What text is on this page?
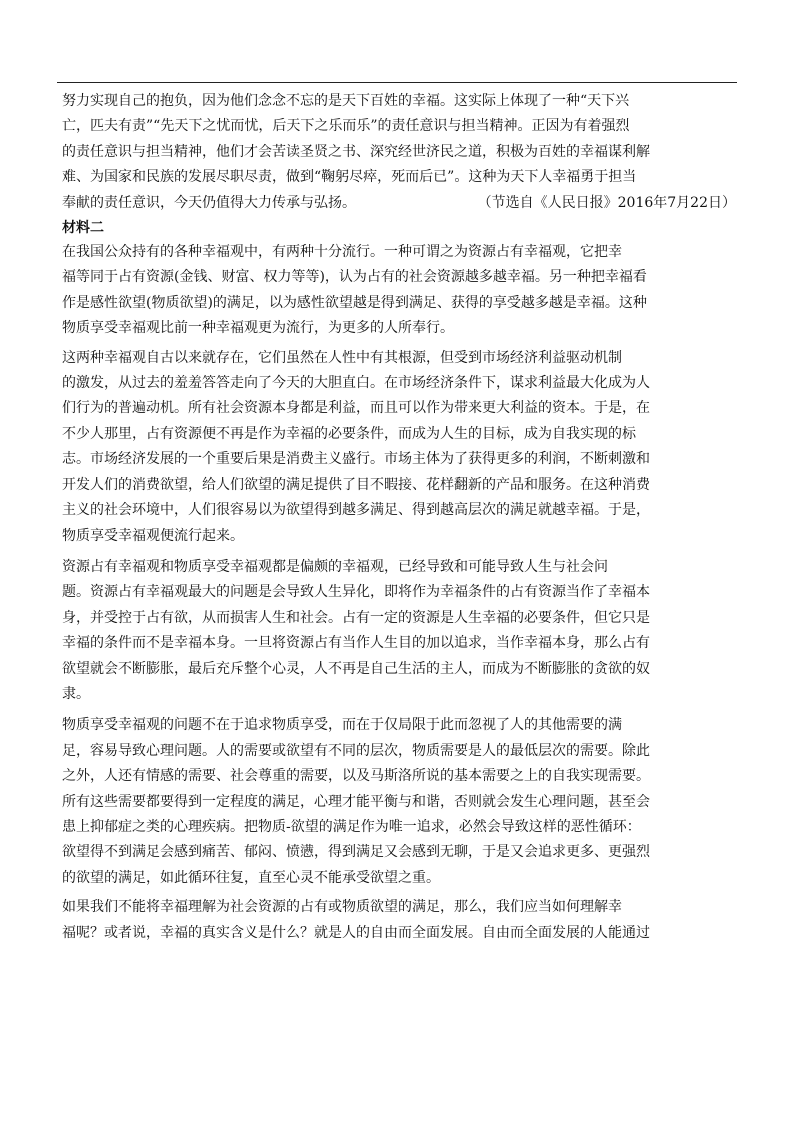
努力实现自己的抱负，因为他们念念不忘的是天下百姓的幸福。这实际上体现了一种“天下兴
亡，匹夫有责”“先天下之忧而忧，后天下之乐而乐”的责任意识与担当精神。正因为有着强烈
的责任意识与担当精神，他们才会苦读圣贤之书、深究经世济民之道，积极为百姓的幸福谋利解
难、为国家和民族的发展尽职尽责，做到“鞠躬尽瘁，死而后已”。这种为天下人幸福勇于担当
奉献的责任意识，今天仍值得大力传承与弘扬。	（节选自《人民日报》2016年7月22日）

材料二

在我国公众持有的各种幸福观中，有两种十分流行。一种可谓之为资源占有幸福观，它把幸
福等同于占有资源(金钱、财富、权力等等)，认为占有的社会资源越多越幸福。另一种把幸福看
作是感性欲望(物质欲望)的满足，以为感性欲望越是得到满足、获得的享受越多越是幸福。这种
物质享受幸福观比前一种幸福观更为流行，为更多的人所奉行。

这两种幸福观自古以来就存在，它们虽然在人性中有其根源，但受到市场经济利益驱动机制
的激发，从过去的羞羞答答走向了今天的大胆直白。在市场经济条件下，谋求利益最大化成为人
们行为的普遍动机。所有社会资源本身都是利益，而且可以作为带来更大利益的资本。于是，在
不少人那里，占有资源便不再是作为幸福的必要条件，而成为人生的目标，成为自我实现的标
志。市场经济发展的一个重要后果是消费主义盛行。市场主体为了获得更多的利润，不断刺激和
开发人们的消费欲望，给人们欲望的满足提供了目不暇接、花样翻新的产品和服务。在这种消费
主义的社会环境中，人们很容易以为欲望得到越多满足、得到越高层次的满足就越幸福。于是，
物质享受幸福观便流行起来。

资源占有幸福观和物质享受幸福观都是偏颇的幸福观，已经导致和可能导致人生与社会问
题。资源占有幸福观最大的问题是会导致人生异化，即将作为幸福条件的占有资源当作了幸福本
身，并受控于占有欲，从而损害人生和社会。占有一定的资源是人生幸福的必要条件，但它只是
幸福的条件而不是幸福本身。一旦将资源占有当作人生目的加以追求，当作幸福本身，那么占有
欲望就会不断膨胀，最后充斥整个心灵，人不再是自己生活的主人，而成为不断膨胀的贪欲的奴
隶。

物质享受幸福观的问题不在于追求物质享受，而在于仅局限于此而忽视了人的其他需要的满
足，容易导致心理问题。人的需要或欲望有不同的层次，物质需要是人的最低层次的需要。除此
之外，人还有情感的需要、社会尊重的需要，以及马斯洛所说的基本需要之上的自我实现需要。
所有这些需要都要得到一定程度的满足，心理才能平衡与和谐，否则就会发生心理问题，甚至会
患上抑郁症之类的心理疾病。把物质-欲望的满足作为唯一追求，必然会导致这样的恶性循环：
欲望得不到满足会感到痛苦、郁闷、愤懑，得到满足又会感到无聊，于是又会追求更多、更强烈
的欲望的满足，如此循环往复，直至心灵不能承受欲望之重。

如果我们不能将幸福理解为社会资源的占有或物质欲望的满足，那么，我们应当如何理解幸
福呢？或者说，幸福的真实含义是什么？就是人的自由而全面发展。自由而全面发展的人能通过
